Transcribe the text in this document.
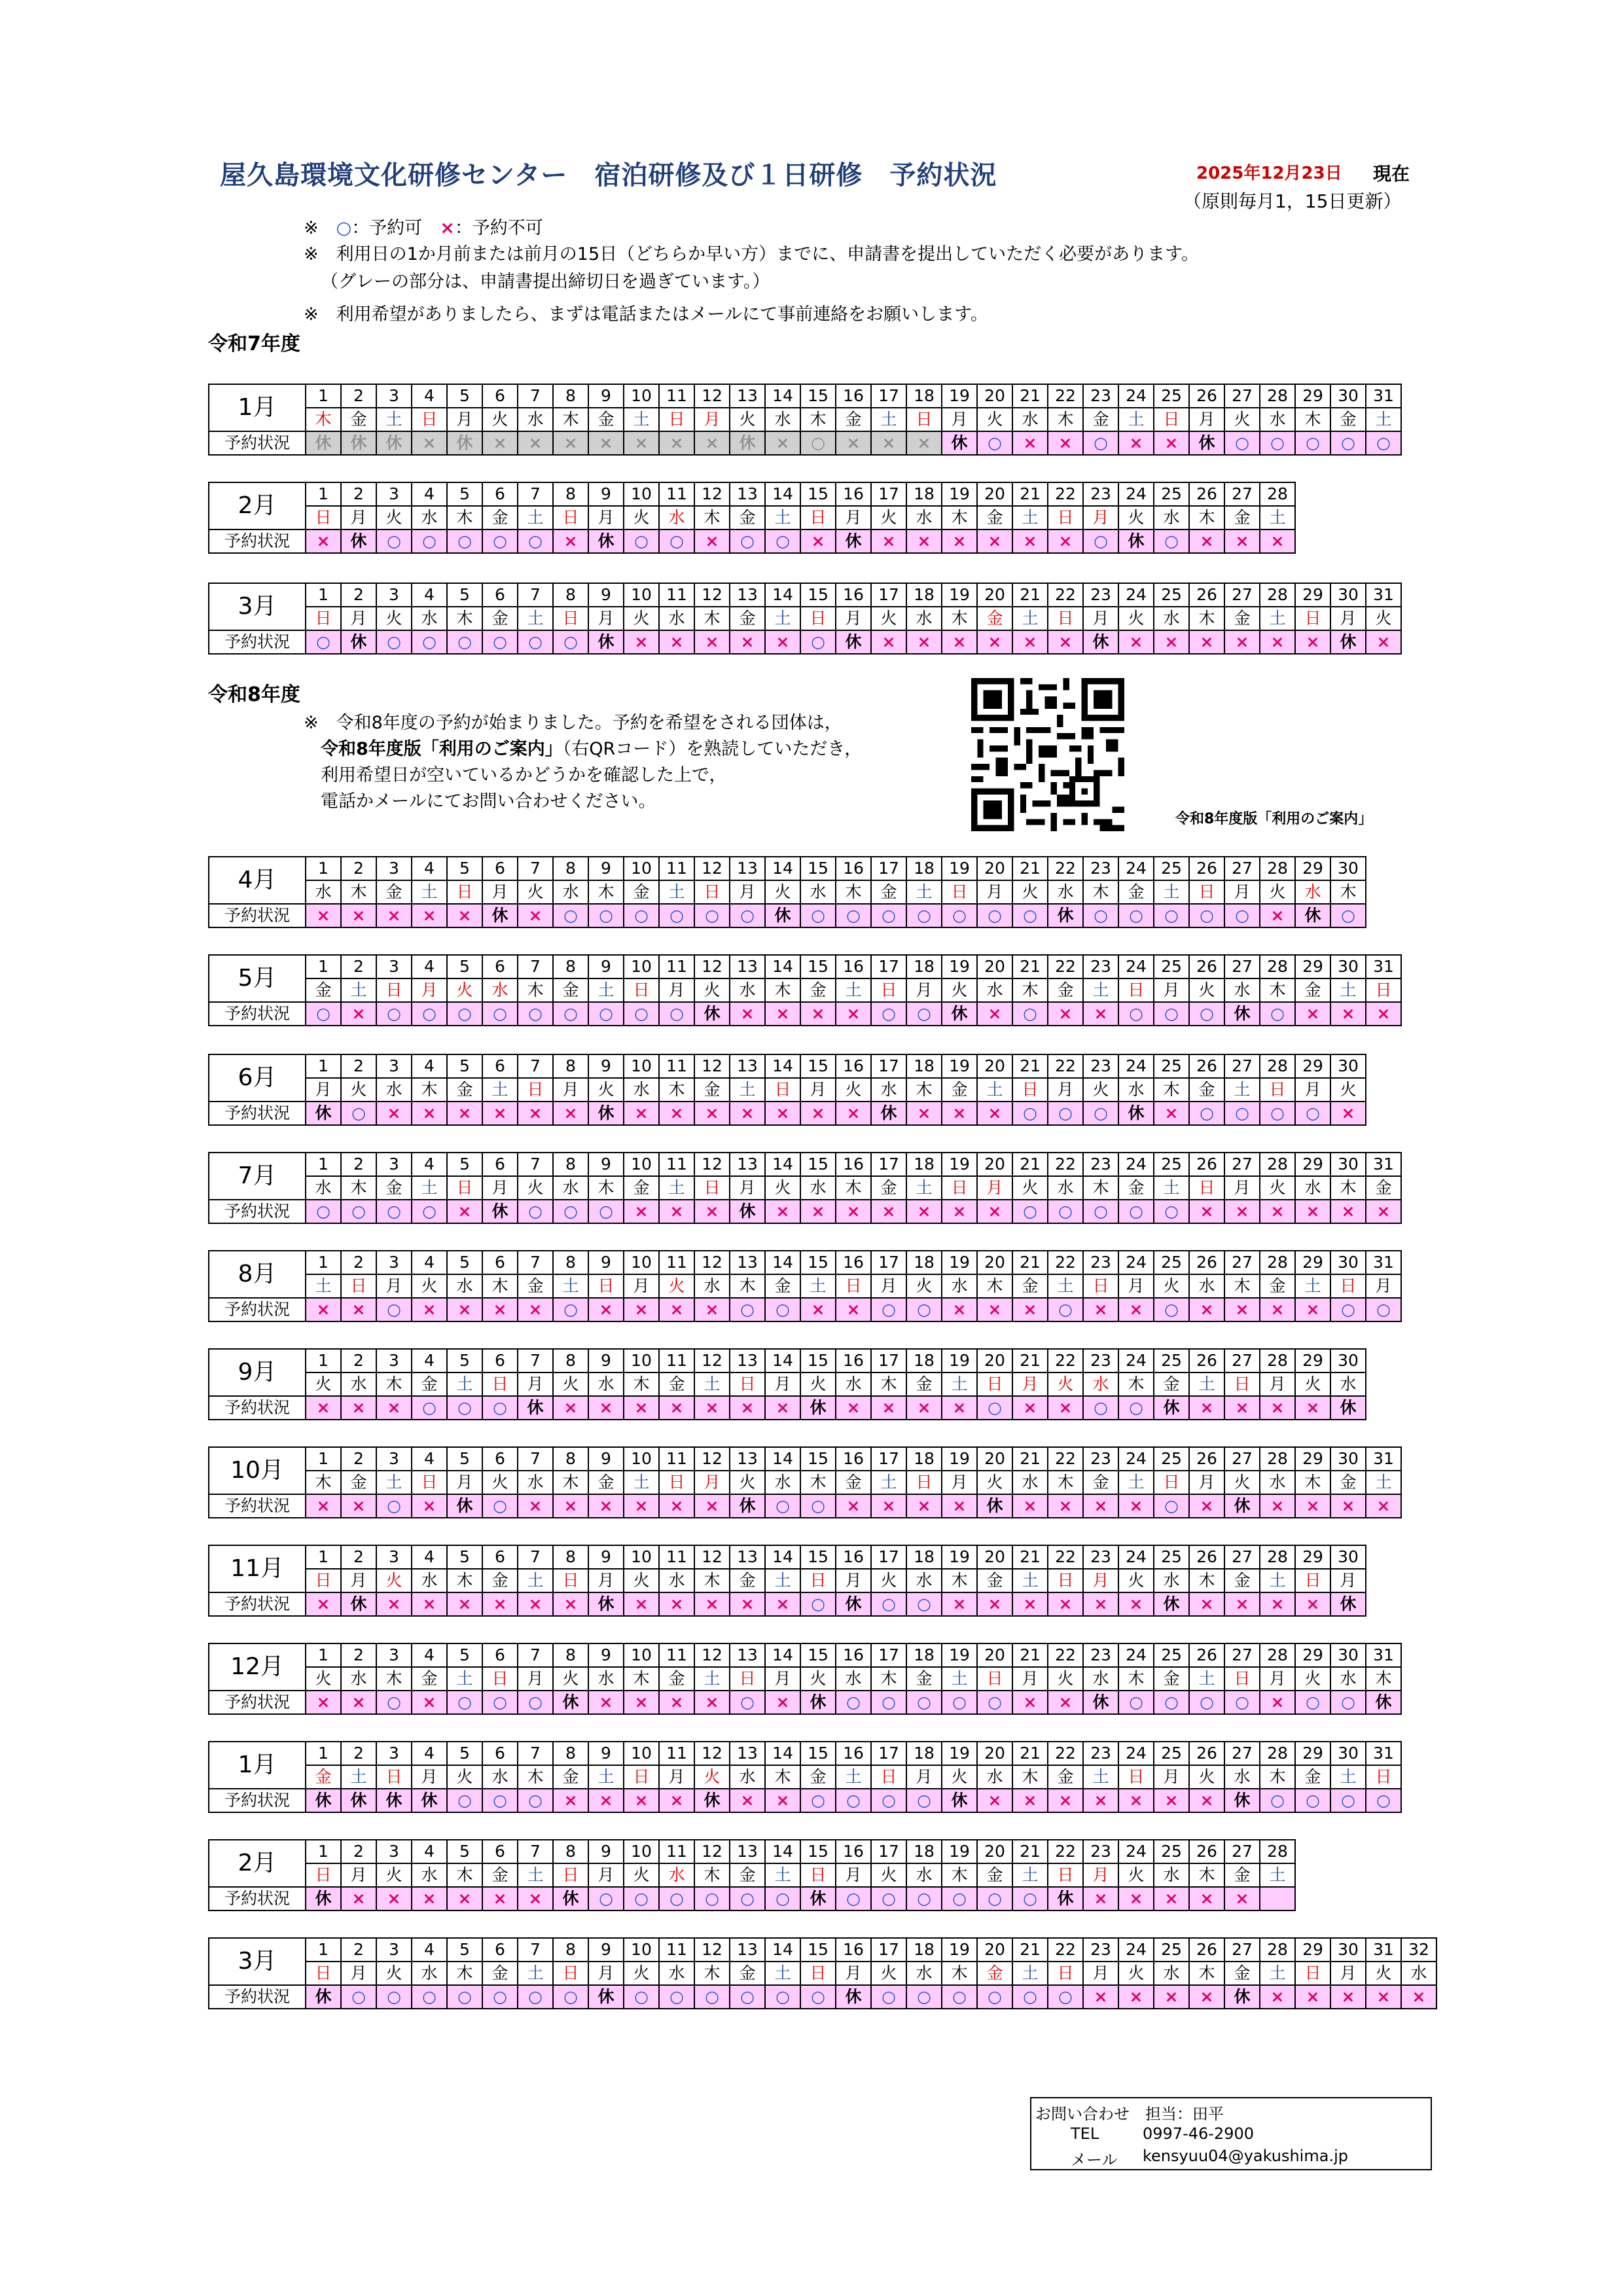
屋久島環境文化研修センター　宿泊研修及び１日研修　予約状況	2025年12月23日 現在
（原則毎月1，15日更新）
※　○：予約可　×：予約不可
※　利用日の1か月前または前月の15日（どちらか早い方）までに、申請書を提出していただく必要があります。
（グレーの部分は、申請書提出締切日を過ぎています。）
※　利用希望がありましたら、まずは電話またはメールにて事前連絡をお願いします。
令和7年度
令和8年度
※　令和8年度の予約が始まりました。予約を希望をされる団体は，
令和8年度版「利用のご案内」（右QRコード）を熟読していただき，
利用希望日が空いているかどうかを確認した上で，
電話かメールにてお問い合わせください。
令和8年度版「利用のご案内」
1月	1	2	3	4	5	6	7	8	9	10	11	12	13	14	15	16	17	18	19	20	21	22	23	24	25	26	27	28	29	30	31
	木	金	土	日	月	火	水	木	金	土	日	月	火	水	木	金	土	日	月	火	水	木	金	土	日	月	火	水	木	金	土
予約状況	休	休	休	×	休	×	×	×	×	×	×	×	休	×	○	×	×	×	休	○	×	×	○	×	×	休	○	○	○	○	○
2月	1	2	3	4	5	6	7	8	9	10	11	12	13	14	15	16	17	18	19	20	21	22	23	24	25	26	27	28
	日	月	火	水	木	金	土	日	月	火	水	木	金	土	日	月	火	水	木	金	土	日	月	火	水	木	金	土
予約状況	×	休	○	○	○	○	○	×	休	○	○	×	○	○	×	休	×	×	×	×	×	×	○	休	○	×	×	×
3月	1	2	3	4	5	6	7	8	9	10	11	12	13	14	15	16	17	18	19	20	21	22	23	24	25	26	27	28	29	30	31
	日	月	火	水	木	金	土	日	月	火	水	木	金	土	日	月	火	水	木	金	土	日	月	火	水	木	金	土	日	月	火
予約状況	○	休	○	○	○	○	○	○	休	×	×	×	×	×	○	休	×	×	×	×	×	×	休	×	×	×	×	×	×	休	×
4月	1	2	3	4	5	6	7	8	9	10	11	12	13	14	15	16	17	18	19	20	21	22	23	24	25	26	27	28	29	30
	水	木	金	土	日	月	火	水	木	金	土	日	月	火	水	木	金	土	日	月	火	水	木	金	土	日	月	火	水	木
予約状況	×	×	×	×	×	休	×	○	○	○	○	○	○	休	○	○	○	○	○	○	○	休	○	○	○	○	○	×	休	○
5月	1	2	3	4	5	6	7	8	9	10	11	12	13	14	15	16	17	18	19	20	21	22	23	24	25	26	27	28	29	30	31
	金	土	日	月	火	水	木	金	土	日	月	火	水	木	金	土	日	月	火	水	木	金	土	日	月	火	水	木	金	土	日
予約状況	○	×	○	○	○	○	○	○	○	○	○	休	×	×	×	×	○	○	休	×	○	×	×	○	○	○	休	○	×	×	×
6月	1	2	3	4	5	6	7	8	9	10	11	12	13	14	15	16	17	18	19	20	21	22	23	24	25	26	27	28	29	30
	月	火	水	木	金	土	日	月	火	水	木	金	土	日	月	火	水	木	金	土	日	月	火	水	木	金	土	日	月	火
予約状況	休	○	×	×	×	×	×	×	休	×	×	×	×	×	×	×	休	×	×	×	○	○	○	休	×	○	○	○	○	×
7月	1	2	3	4	5	6	7	8	9	10	11	12	13	14	15	16	17	18	19	20	21	22	23	24	25	26	27	28	29	30	31
	水	木	金	土	日	月	火	水	木	金	土	日	月	火	水	木	金	土	日	月	火	水	木	金	土	日	月	火	水	木	金
予約状況	○	○	○	○	×	休	○	○	○	×	×	×	休	×	×	×	×	×	×	×	○	○	○	○	○	×	×	×	×	×	×
8月	1	2	3	4	5	6	7	8	9	10	11	12	13	14	15	16	17	18	19	20	21	22	23	24	25	26	27	28	29	30	31
	土	日	月	火	水	木	金	土	日	月	火	水	木	金	土	日	月	火	水	木	金	土	日	月	火	水	木	金	土	日	月
予約状況	×	×	○	×	×	×	×	○	×	×	×	×	○	○	×	×	○	○	×	×	×	○	×	×	○	×	×	×	×	○	○
9月	1	2	3	4	5	6	7	8	9	10	11	12	13	14	15	16	17	18	19	20	21	22	23	24	25	26	27	28	29	30
	火	水	木	金	土	日	月	火	水	木	金	土	日	月	火	水	木	金	土	日	月	火	水	木	金	土	日	月	火	水
予約状況	×	×	×	○	○	○	休	×	×	×	×	×	×	×	休	×	×	×	×	○	×	×	○	○	休	×	×	×	×	休
10月	1	2	3	4	5	6	7	8	9	10	11	12	13	14	15	16	17	18	19	20	21	22	23	24	25	26	27	28	29	30	31
	木	金	土	日	月	火	水	木	金	土	日	月	火	水	木	金	土	日	月	火	水	木	金	土	日	月	火	水	木	金	土
予約状況	×	×	○	×	休	○	×	×	×	×	×	×	休	○	○	×	×	×	×	休	×	×	×	×	○	×	休	×	×	×	×
11月	1	2	3	4	5	6	7	8	9	10	11	12	13	14	15	16	17	18	19	20	21	22	23	24	25	26	27	28	29	30
	日	月	火	水	木	金	土	日	月	火	水	木	金	土	日	月	火	水	木	金	土	日	月	火	水	木	金	土	日	月
予約状況	×	休	×	×	×	×	×	×	休	×	×	×	×	×	○	休	○	○	×	×	×	×	×	×	休	×	×	×	×	休
12月	1	2	3	4	5	6	7	8	9	10	11	12	13	14	15	16	17	18	19	20	21	22	23	24	25	26	27	28	29	30	31
	火	水	木	金	土	日	月	火	水	木	金	土	日	月	火	水	木	金	土	日	月	火	水	木	金	土	日	月	火	水	木
予約状況	×	×	○	×	○	○	○	休	×	×	×	×	○	×	休	○	○	○	○	○	×	×	休	○	○	○	○	×	○	○	休
1月	1	2	3	4	5	6	7	8	9	10	11	12	13	14	15	16	17	18	19	20	21	22	23	24	25	26	27	28	29	30	31
	金	土	日	月	火	水	木	金	土	日	月	火	水	木	金	土	日	月	火	水	木	金	土	日	月	火	水	木	金	土	日
予約状況	休	休	休	休	○	○	○	×	×	×	×	休	×	×	○	○	○	○	休	×	×	×	×	×	×	×	休	○	○	○	○
2月	1	2	3	4	5	6	7	8	9	10	11	12	13	14	15	16	17	18	19	20	21	22	23	24	25	26	27	28
	日	月	火	水	木	金	土	日	月	火	水	木	金	土	日	月	火	水	木	金	土	日	月	火	水	木	金	土
予約状況	休	×	×	×	×	×	×	休	○	○	○	○	○	○	休	○	○	○	○	○	○	休	×	×	×	×	×	
3月	1	2	3	4	5	6	7	8	9	10	11	12	13	14	15	16	17	18	19	20	21	22	23	24	25	26	27	28	29	30	31	32
	日	月	火	水	木	金	土	日	月	火	水	木	金	土	日	月	火	水	木	金	土	日	月	火	水	木	金	土	日	月	火	水
予約状況	休	○	○	○	○	○	○	○	休	○	○	○	○	○	○	休	○	○	○	○	○	○	×	×	×	×	休	×	×	×	×	×
お問い合わせ　担当：田平
TEL	0997-46-2900
メール kensyuu04@yakushima.jp
